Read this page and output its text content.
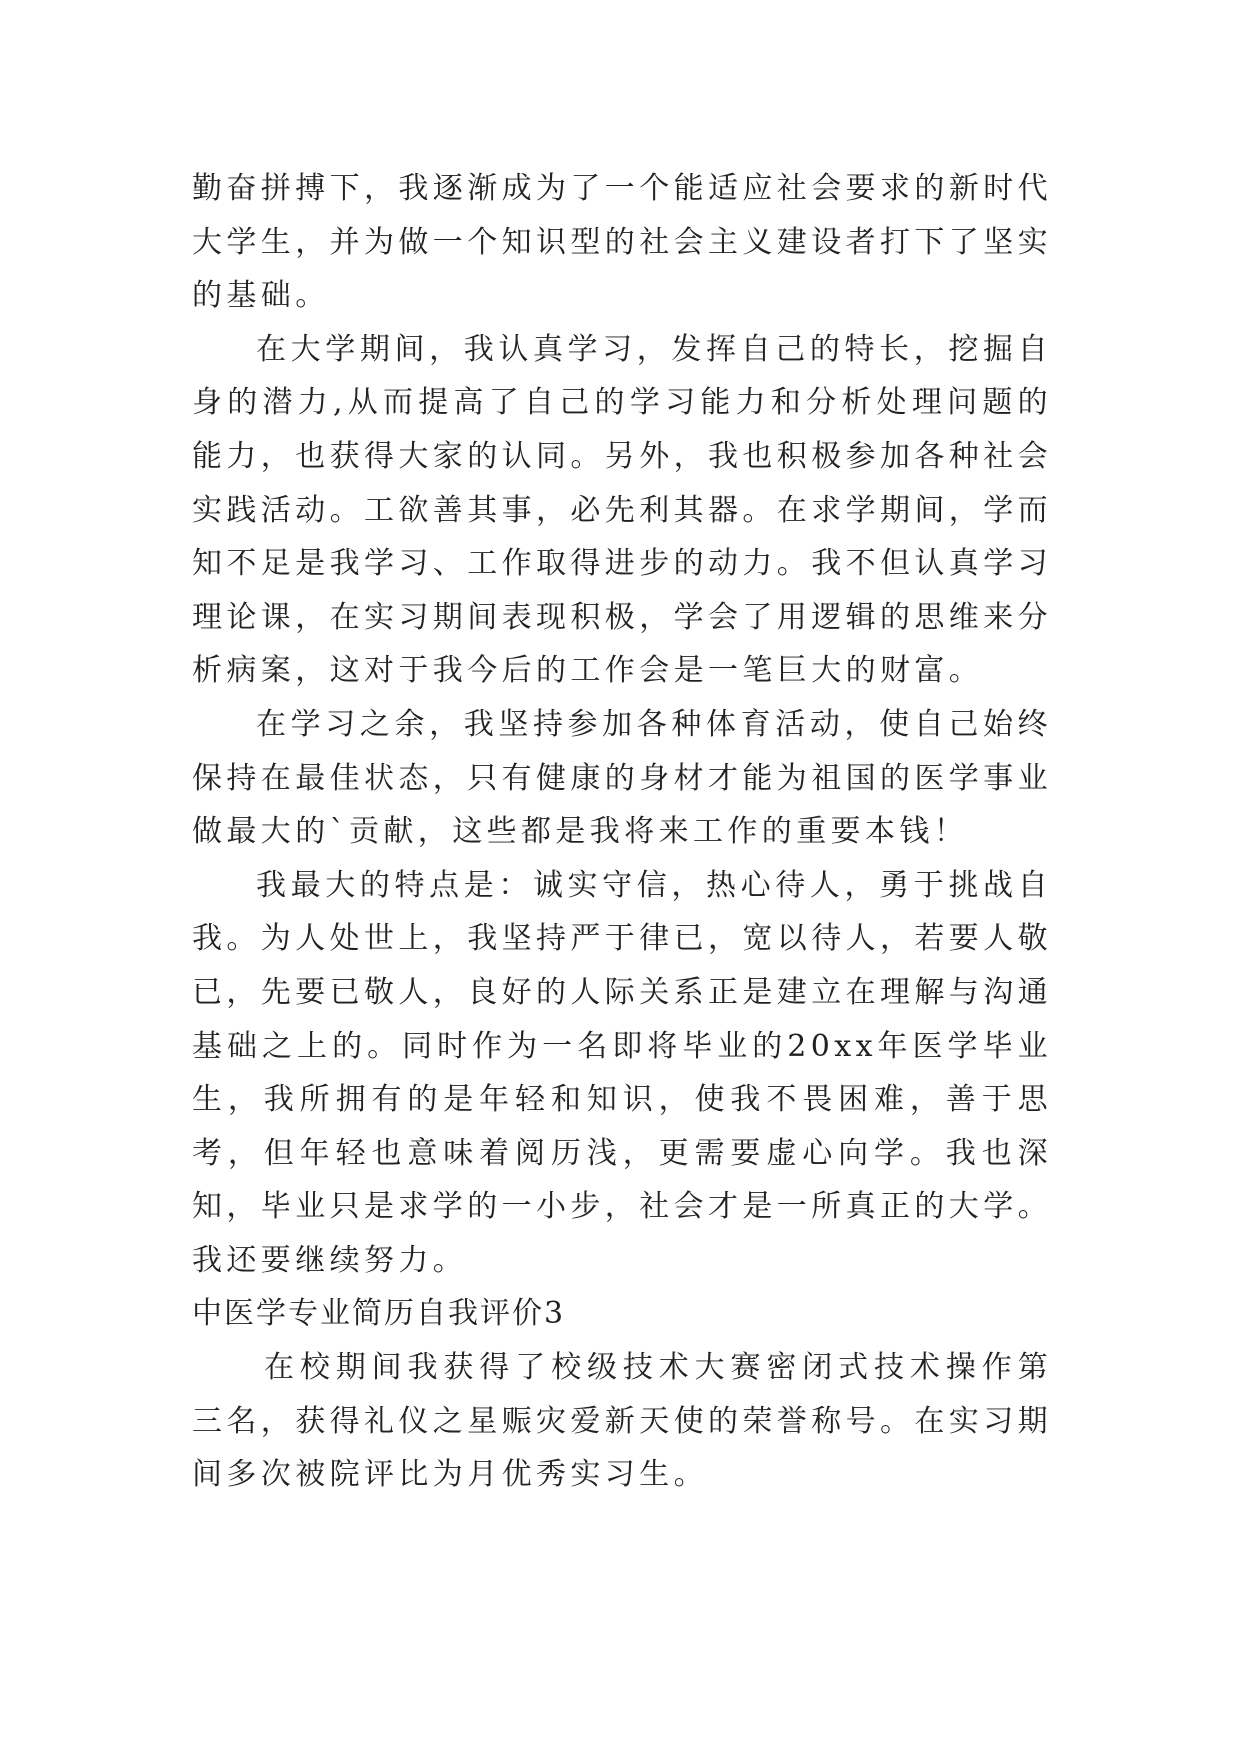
勤奋拼搏下，我逐渐成为了一个能适应社会要求的新时代大学生，并为做一个知识型的社会主义建设者打下了坚实的基础。

在大学期间，我认真学习，发挥自己的特长，挖掘自身的潜力,从而提高了自己的学习能力和分析处理问题的能力，也获得大家的认同。另外，我也积极参加各种社会实践活动。工欲善其事，必先利其器。在求学期间，学而知不足是我学习、工作取得进步的动力。我不但认真学习理论课，在实习期间表现积极，学会了用逻辑的思维来分析病案，这对于我今后的工作会是一笔巨大的财富。

在学习之余，我坚持参加各种体育活动，使自己始终保持在最佳状态，只有健康的身材才能为祖国的医学事业做最大的`贡献，这些都是我将来工作的重要本钱！

我最大的特点是：诚实守信，热心待人，勇于挑战自我。为人处世上，我坚持严于律已，宽以待人，若要人敬已，先要已敬人，良好的人际关系正是建立在理解与沟通基础之上的。同时作为一名即将毕业的20xx年医学毕业生，我所拥有的是年轻和知识，使我不畏困难，善于思考，但年轻也意味着阅历浅，更需要虚心向学。我也深知，毕业只是求学的一小步，社会才是一所真正的大学。我还要继续努力。

中医学专业简历自我评价3

在校期间我获得了校级技术大赛密闭式技术操作第三名，获得礼仪之星赈灾爱新天使的荣誉称号。在实习期间多次被院评比为月优秀实习生。
